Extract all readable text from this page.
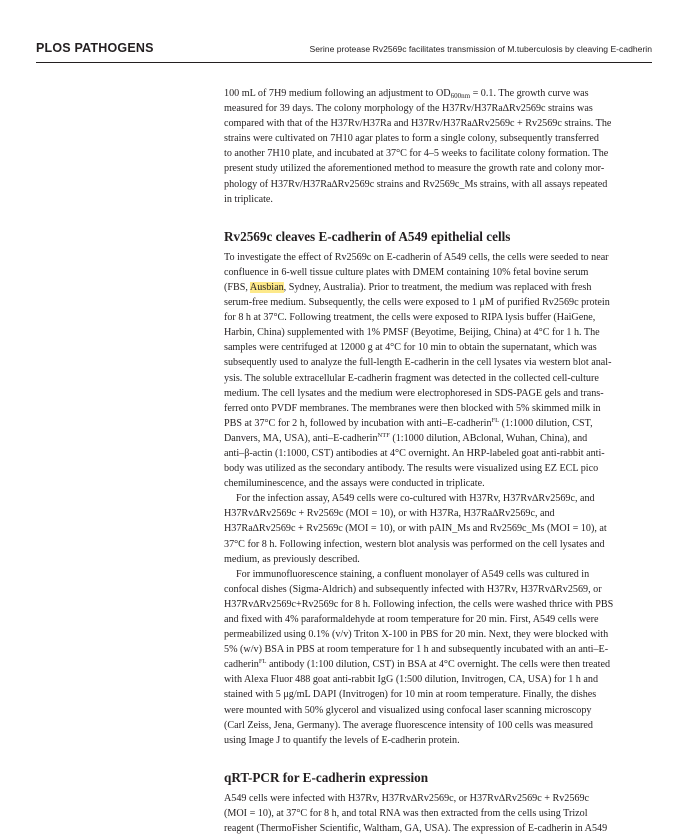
PLOS PATHOGENS	Serine protease Rv2569c facilitates transmission of M.tuberculosis by cleaving E-cadherin
100 mL of 7H9 medium following an adjustment to $OD_{600nm} = 0.1$. The growth curve was
measured for 39 days. The colony morphology of the H37Rv/H37Ra∆Rv2569c strains was
compared with that of the H37Rv/H37Ra and H37Rv/H37Ra∆Rv2569c + Rv2569c strains. The
strains were cultivated on 7H10 agar plates to form a single colony, subsequently transferred
to another 7H10 plate, and incubated at 37°C for 4–5 weeks to facilitate colony formation. The
present study utilized the aforementioned method to measure the growth rate and colony mor-
phology of H37Rv/H37Ra∆Rv2569c strains and Rv2569c_Ms strains, with all assays repeated
in triplicate.
Rv2569c cleaves E-cadherin of A549 epithelial cells
To investigate the effect of Rv2569c on E-cadherin of A549 cells, the cells were seeded to near
confluence in 6-well tissue culture plates with DMEM containing 10% fetal bovine serum
(FBS, Ausbian, Sydney, Australia). Prior to treatment, the medium was replaced with fresh
serum-free medium. Subsequently, the cells were exposed to 1 μM of purified Rv2569c protein
for 8 h at 37°C. Following treatment, the cells were exposed to RIPA lysis buffer (HaiGene,
Harbin, China) supplemented with 1% PMSF (Beyotime, Beijing, China) at 4°C for 1 h. The
samples were centrifuged at 12000 g at 4°C for 10 min to obtain the supernatant, which was
subsequently used to analyze the full-length E-cadherin in the cell lysates via western blot anal-
ysis. The soluble extracellular E-cadherin fragment was detected in the collected cell-culture
medium. The cell lysates and the medium were electrophoresed in SDS-PAGE gels and trans-
ferred onto PVDF membranes. The membranes were then blocked with 5% skimmed milk in
PBS at 37°C for 2 h, followed by incubation with anti–E-cadherin$^{FL}$ (1:1000 dilution, CST,
Danvers, MA, USA), anti–E-cadherin$^{NTF}$ (1:1000 dilution, ABclonal, Wuhan, China), and
anti–β-actin (1:1000, CST) antibodies at 4°C overnight. An HRP-labeled goat anti-rabbit anti-
body was utilized as the secondary antibody. The results were visualized using EZ ECL pico
chemiluminescence, and the assays were conducted in triplicate.
For the infection assay, A549 cells were co-cultured with H37Rv, H37Rv∆Rv2569c, and
H37Rv∆Rv2569c + Rv2569c (MOI = 10), or with H37Ra, H37Ra∆Rv2569c, and
H37Ra∆Rv2569c + Rv2569c (MOI = 10), or with pAIN_Ms and Rv2569c_Ms (MOI = 10), at
37°C for 8 h. Following infection, western blot analysis was performed on the cell lysates and
medium, as previously described.
For immunofluorescence staining, a confluent monolayer of A549 cells was cultured in
confocal dishes (Sigma-Aldrich) and subsequently infected with H37Rv, H37Rv∆Rv2569, or
H37Rv∆Rv2569c+Rv2569c for 8 h. Following infection, the cells were washed thrice with PBS
and fixed with 4% paraformaldehyde at room temperature for 20 min. First, A549 cells were
permeabilized using 0.1% (v/v) Triton X-100 in PBS for 20 min. Next, they were blocked with
5% (w/v) BSA in PBS at room temperature for 1 h and subsequently incubated with an anti–E-
cadherin$^{FL}$ antibody (1:100 dilution, CST) in BSA at 4°C overnight. The cells were then treated
with Alexa Fluor 488 goat anti-rabbit IgG (1:500 dilution, Invitrogen, CA, USA) for 1 h and
stained with 5 μg/mL DAPI (Invitrogen) for 10 min at room temperature. Finally, the dishes
were mounted with 50% glycerol and visualized using confocal laser scanning microscopy
(Carl Zeiss, Jena, Germany). The average fluorescence intensity of 100 cells was measured
using Image J to quantify the levels of E-cadherin protein.
qRT-PCR for E-cadherin expression
A549 cells were infected with H37Rv, H37Rv∆Rv2569c, or H37Rv∆Rv2569c + Rv2569c
(MOI = 10), at 37°C for 8 h, and total RNA was then extracted from the cells using Trizol
reagent (ThermoFisher Scientific, Waltham, GA, USA). The expression of E-cadherin in A549
